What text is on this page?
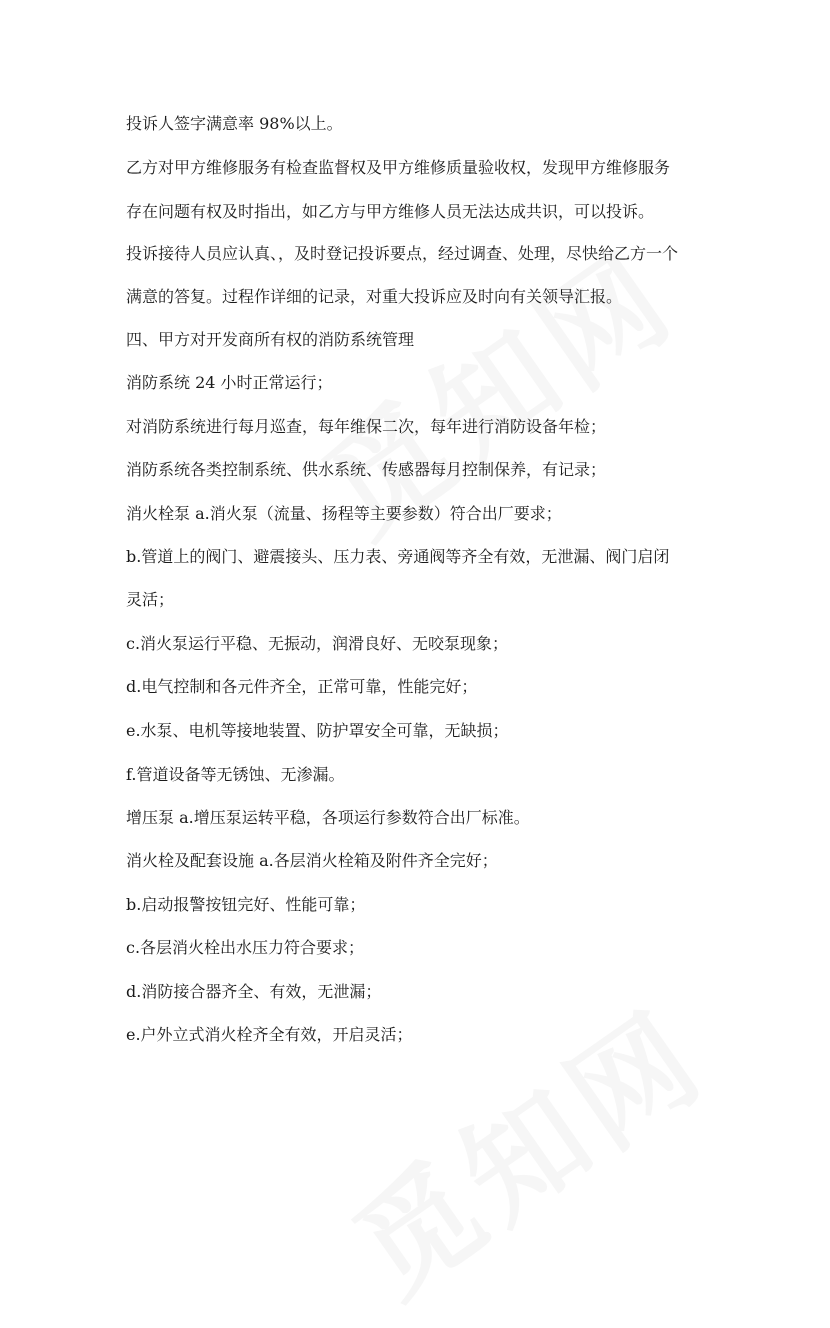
投诉人签字满意率 98%以上。

乙方对甲方维修服务有检查监督权及甲方维修质量验收权，发现甲方维修服务

存在问题有权及时指出，如乙方与甲方维修人员无法达成共识，可以投诉。

投诉接待人员应认真、，及时登记投诉要点，经过调查、处理，尽快给乙方一个

满意的答复。过程作详细的记录，对重大投诉应及时向有关领导汇报。

四、甲方对开发商所有权的消防系统管理

消防系统 24 小时正常运行；

对消防系统进行每月巡查，每年维保二次，每年进行消防设备年检；

消防系统各类控制系统、供水系统、传感器每月控制保养，有记录；

消火栓泵 a.消火泵（流量、扬程等主要参数）符合出厂要求；

b.管道上的阀门、避震接头、压力表、旁通阀等齐全有效，无泄漏、阀门启闭

灵活；

c.消火泵运行平稳、无振动，润滑良好、无咬泵现象；

d.电气控制和各元件齐全，正常可靠，性能完好；

e.水泵、电机等接地装置、防护罩安全可靠，无缺损；

f.管道设备等无锈蚀、无渗漏。

增压泵 a.增压泵运转平稳，各项运行参数符合出厂标准。

消火栓及配套设施 a.各层消火栓箱及附件齐全完好；

b.启动报警按钮完好、性能可靠；

c.各层消火栓出水压力符合要求；

d.消防接合器齐全、有效，无泄漏；

e.户外立式消火栓齐全有效，开启灵活；
